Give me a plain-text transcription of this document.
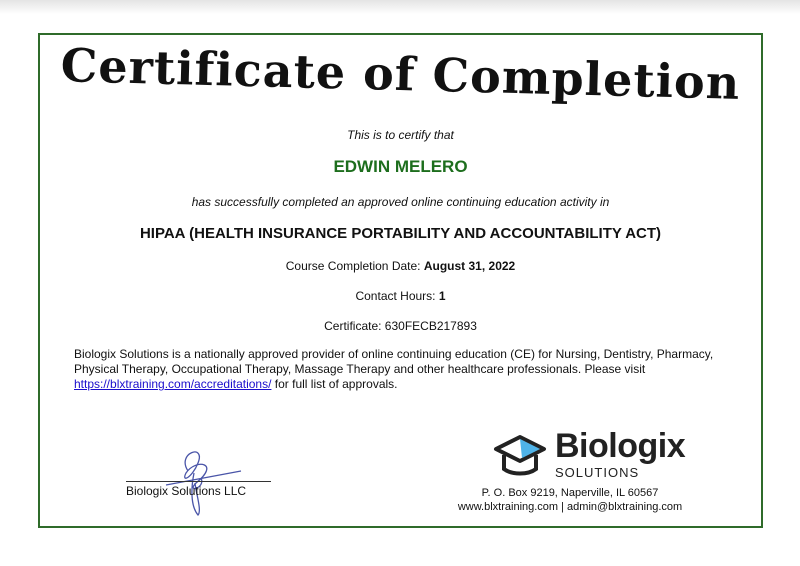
Certificate of Completion
This is to certify that
EDWIN MELERO
has successfully completed an approved online continuing education activity in
HIPAA (HEALTH INSURANCE PORTABILITY AND ACCOUNTABILITY ACT)
Course Completion Date: August 31, 2022
Contact Hours: 1
Certificate: 630FECB217893
Biologix Solutions is a nationally approved provider of online continuing education (CE) for Nursing, Dentistry, Pharmacy, Physical Therapy, Occupational Therapy, Massage Therapy and other healthcare professionals. Please visit https://blxtraining.com/accreditations/ for full list of approvals.
Biologix Solutions LLC
Biologix
SOLUTIONS
P. O. Box 9219, Naperville, IL 60567
www.blxtraining.com | admin@blxtraining.com
